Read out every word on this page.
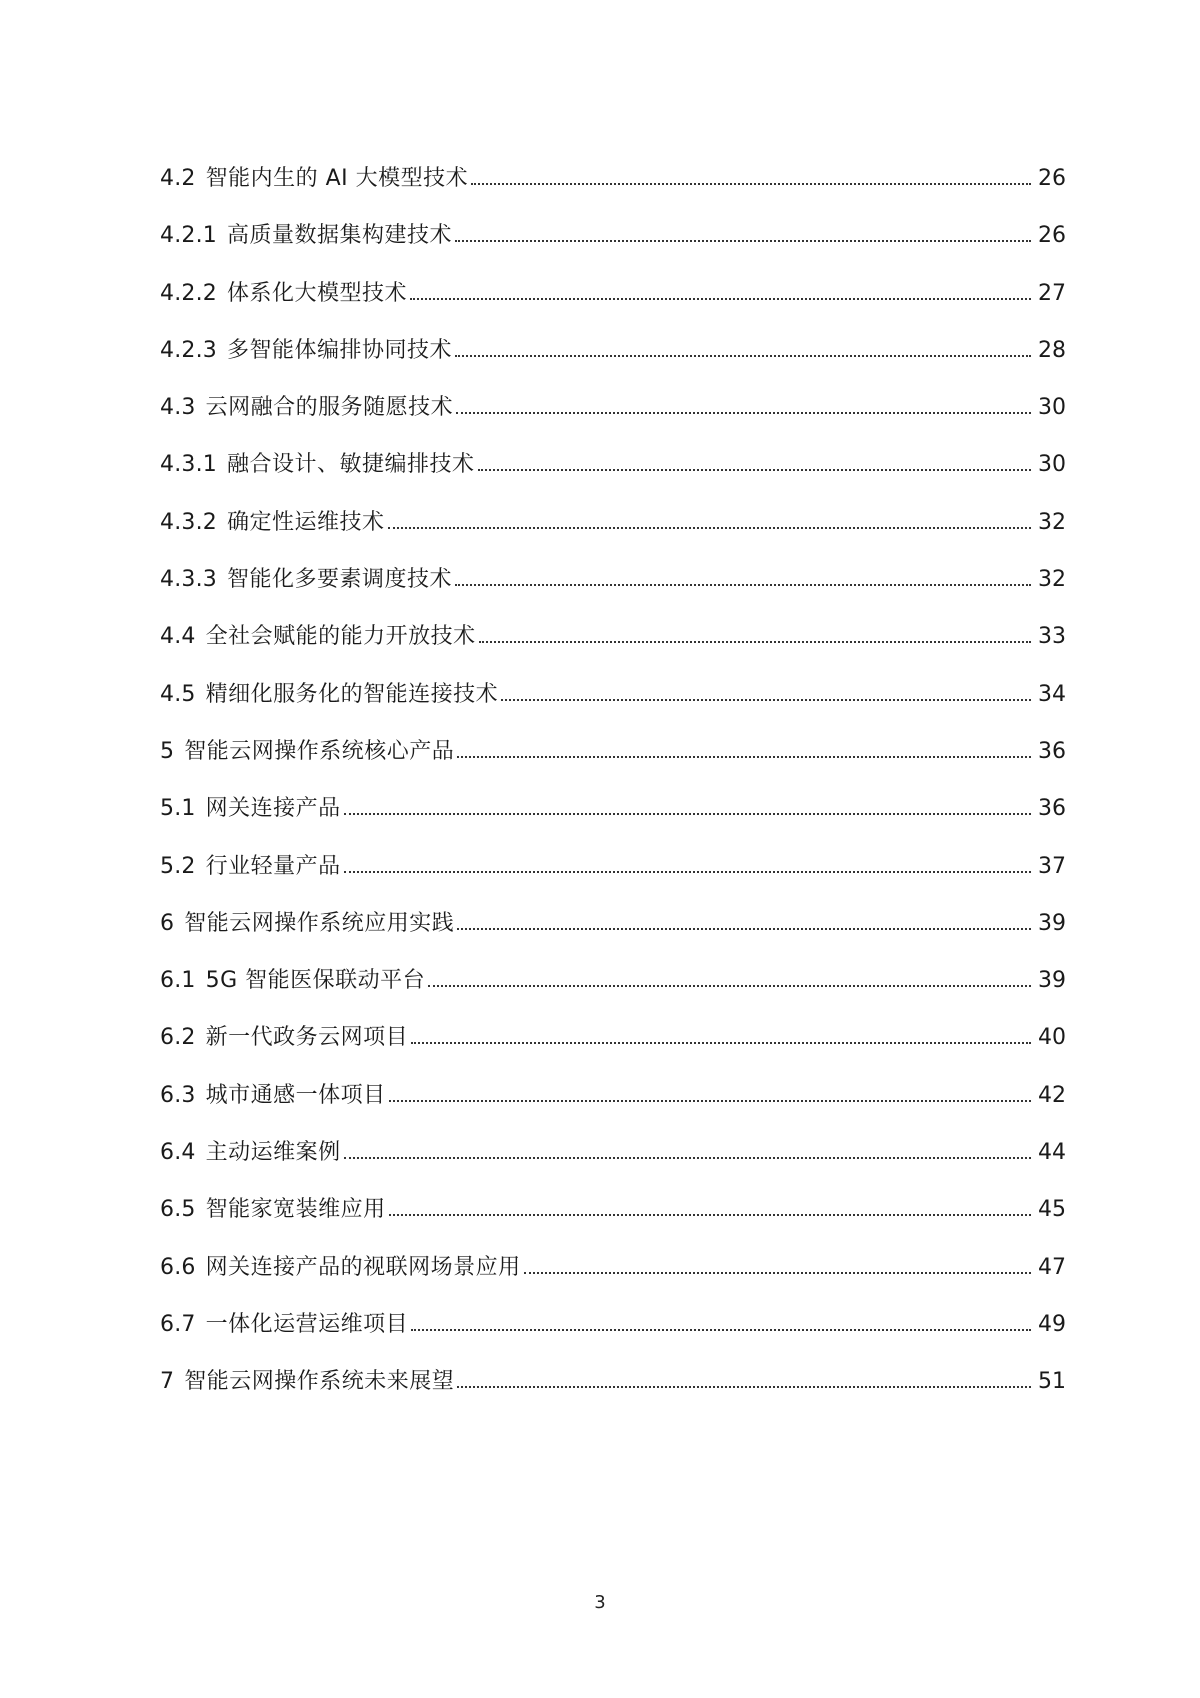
4.2 智能内生的 AI 大模型技术	26
4.2.1 高质量数据集构建技术	26
4.2.2 体系化大模型技术	27
4.2.3 多智能体编排协同技术	28
4.3 云网融合的服务随愿技术	30
4.3.1 融合设计、敏捷编排技术	30
4.3.2 确定性运维技术	32
4.3.3 智能化多要素调度技术	32
4.4 全社会赋能的能力开放技术	33
4.5 精细化服务化的智能连接技术	34
5 智能云网操作系统核心产品	36
5.1 网关连接产品	36
5.2 行业轻量产品	37
6 智能云网操作系统应用实践	39
6.1 5G 智能医保联动平台	39
6.2 新一代政务云网项目	40
6.3 城市通感一体项目	42
6.4 主动运维案例	44
6.5 智能家宽装维应用	45
6.6 网关连接产品的视联网场景应用	47
6.7 一体化运营运维项目	49
7 智能云网操作系统未来展望	51
3
